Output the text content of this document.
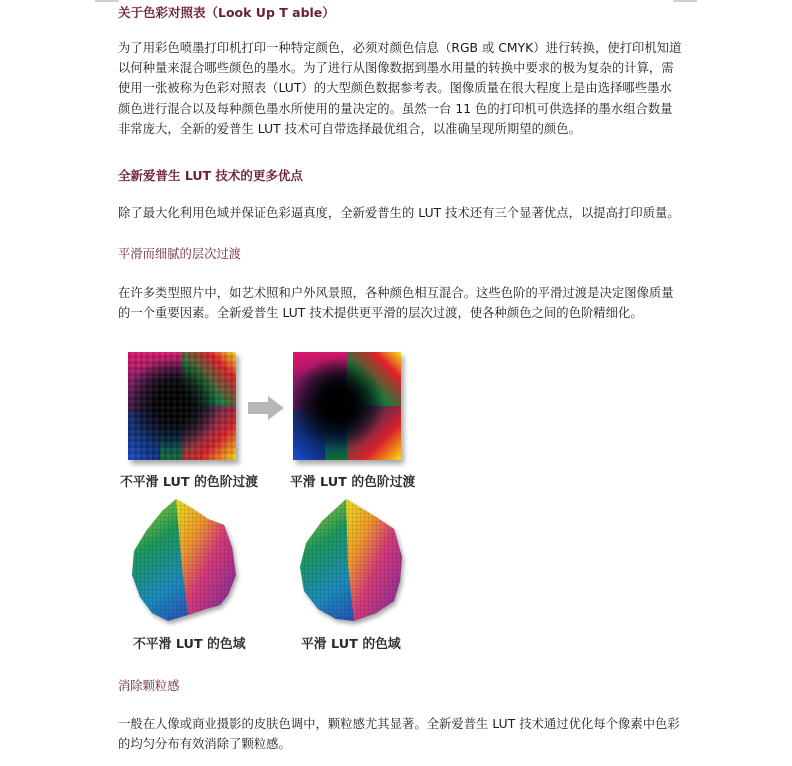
关于色彩对照表（Look Up T able）
为了用彩色喷墨打印机打印一种特定颜色，必须对颜色信息（RGB 或 CMYK）进行转换，使打印机知道以何种量来混合哪些颜色的墨水。为了进行从图像数据到墨水用量的转换中要求的极为复杂的计算，需使用一张被称为色彩对照表（LUT）的大型颜色数据参考表。图像质量在很大程度上是由选择哪些墨水颜色进行混合以及每种颜色墨水所使用的量决定的。虽然一台 11 色的打印机可供选择的墨水组合数量非常庞大，全新的爱普生 LUT 技术可自带选择最优组合，以准确呈现所期望的颜色。
全新爱普生 LUT 技术的更多优点
除了最大化利用色域并保证色彩逼真度，全新爱普生的 LUT 技术还有三个显著优点，以提高打印质量。
平滑而细腻的层次过渡
在许多类型照片中，如艺术照和户外风景照，各种颜色相互混合。这些色阶的平滑过渡是决定图像质量的一个重要因素。全新爱普生 LUT 技术提供更平滑的层次过渡，使各种颜色之间的色阶精细化。
不平滑 LUT 的色阶过渡 平滑 LUT 的色阶过渡
不平滑 LUT 的色域	平滑 LUT 的色域
消除颗粒感
一般在人像或商业摄影的皮肤色调中，颗粒感尤其显著。全新爱普生 LUT 技术通过优化每个像素中色彩的均匀分布有效消除了颗粒感。
